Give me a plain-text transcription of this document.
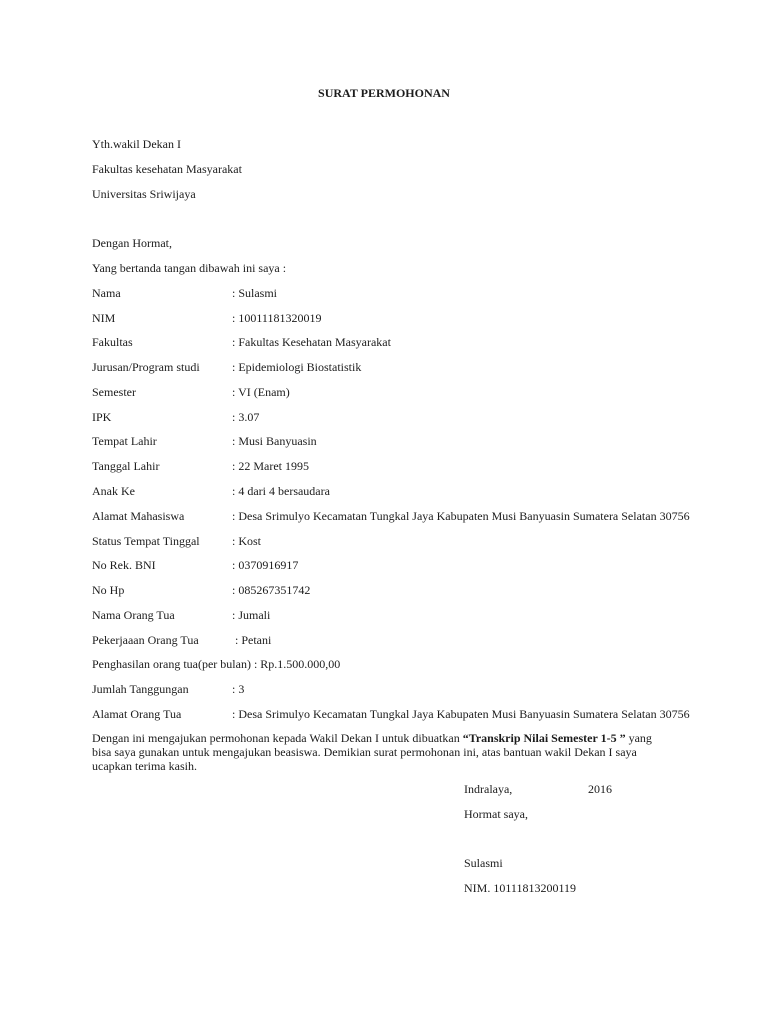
SURAT PERMOHONAN
Yth.wakil Dekan I
Fakultas kesehatan Masyarakat
Universitas Sriwijaya
Dengan Hormat,
Yang bertanda tangan dibawah ini saya :
Nama	: Sulasmi
NIM	: 10011181320019
Fakultas	: Fakultas Kesehatan Masyarakat
Jurusan/Program studi	: Epidemiologi Biostatistik
Semester	: VI (Enam)
IPK	: 3.07
Tempat Lahir	: Musi Banyuasin
Tanggal Lahir	: 22 Maret 1995
Anak Ke	: 4 dari 4 bersaudara
Alamat Mahasiswa	: Desa Srimulyo Kecamatan Tungkal Jaya Kabupaten Musi Banyuasin Sumatera Selatan 30756
Status Tempat Tinggal	: Kost
No Rek. BNI	: 0370916917
No Hp	: 085267351742
Nama Orang Tua	: Jumali
Pekerjaaan Orang Tua	: Petani
Penghasilan orang tua(per bulan) : Rp.1.500.000,00
Jumlah Tanggungan	: 3
Alamat Orang Tua	: Desa Srimulyo Kecamatan Tungkal Jaya Kabupaten Musi Banyuasin Sumatera Selatan 30756
Dengan ini mengajukan permohonan kepada Wakil Dekan I untuk dibuatkan “Transkrip Nilai Semester 1-5 ” yang bisa saya gunakan untuk mengajukan beasiswa. Demikian surat permohonan ini, atas bantuan wakil Dekan I saya ucapkan terima kasih.
Indralaya,	2016
Hormat saya,
Sulasmi
NIM. 10111813200119
